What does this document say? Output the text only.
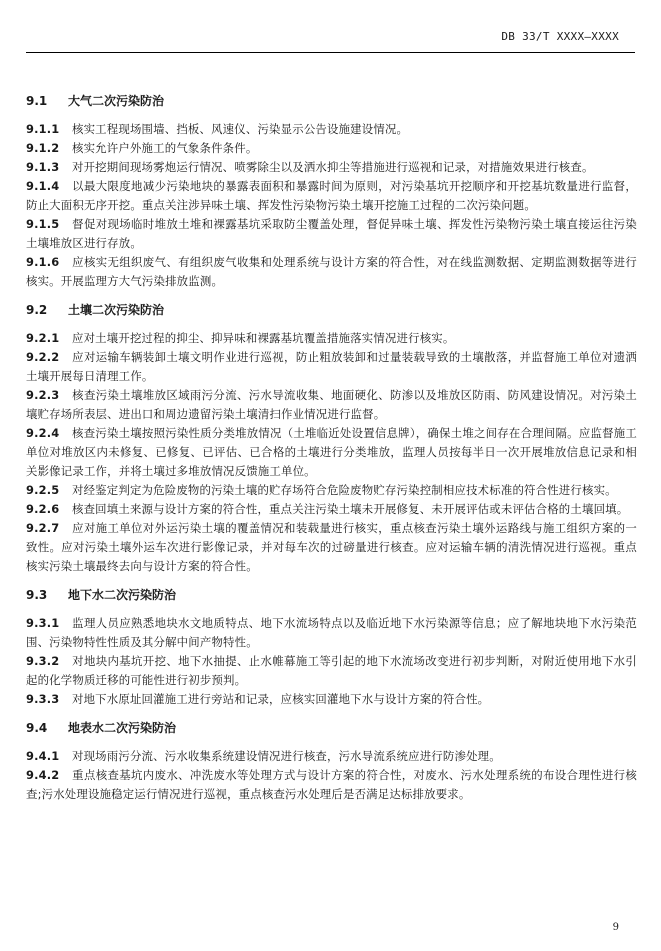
DB 33/T XXXX—XXXX
9.1 大气二次污染防治

9.1.1 核实工程现场围墙、挡板、风速仪、污染显示公告设施建设情况。

9.1.2 核实允许户外施工的气象条件条件。

9.1.3 对开挖期间现场雾炮运行情况、喷雾除尘以及洒水抑尘等措施进行巡视和记录，对措施效果进行核查。

9.1.4 以最大限度地减少污染地块的暴露表面积和暴露时间为原则，对污染基坑开挖顺序和开挖基坑数量进行监督，防止大面积无序开挖。重点关注涉异味土壤、挥发性污染物污染土壤开挖施工过程的二次污染问题。

9.1.5 督促对现场临时堆放土堆和裸露基坑采取防尘覆盖处理，督促异味土壤、挥发性污染物污染土壤直接运往污染土壤堆放区进行存放。

9.1.6 应核实无组织废气、有组织废气收集和处理系统与设计方案的符合性，对在线监测数据、定期监测数据等进行核实。开展监理方大气污染排放监测。

9.2 土壤二次污染防治

9.2.1 应对土壤开挖过程的抑尘、抑异味和裸露基坑覆盖措施落实情况进行核实。

9.2.2 应对运输车辆装卸土壤文明作业进行巡视，防止粗放装卸和过量装载导致的土壤散落，并监督施工单位对遗洒土壤开展每日清理工作。

9.2.3 核查污染土壤堆放区域雨污分流、污水导流收集、地面硬化、防渗以及堆放区防雨、防风建设情况。对污染土壤贮存场所表层、进出口和周边遗留污染土壤清扫作业情况进行监督。

9.2.4 核查污染土壤按照污染性质分类堆放情况（土堆临近处设置信息牌），确保土堆之间存在合理间隔。应监督施工单位对堆放区内未修复、已修复、已评估、已合格的土壤进行分类堆放，监理人员按每半日一次开展堆放信息记录和相关影像记录工作，并将土壤过多堆放情况反馈施工单位。

9.2.5 对经鉴定判定为危险废物的污染土壤的贮存场符合危险废物贮存污染控制相应技术标准的符合性进行核实。

9.2.6 核查回填土来源与设计方案的符合性，重点关注污染土壤未开展修复、未开展评估或未评估合格的土壤回填。

9.2.7 应对施工单位对外运污染土壤的覆盖情况和装载量进行核实，重点核查污染土壤外运路线与施工组织方案的一致性。应对污染土壤外运车次进行影像记录，并对每车次的过磅量进行核查。应对运输车辆的清洗情况进行巡视。重点核实污染土壤最终去向与设计方案的符合性。

9.3 地下水二次污染防治

9.3.1 监理人员应熟悉地块水文地质特点、地下水流场特点以及临近地下水污染源等信息；应了解地块地下水污染范围、污染物特性性质及其分解中间产物特性。

9.3.2 对地块内基坑开挖、地下水抽提、止水帷幕施工等引起的地下水流场改变进行初步判断，对附近使用地下水引起的化学物质迁移的可能性进行初步预判。

9.3.3 对地下水原址回灌施工进行旁站和记录，应核实回灌地下水与设计方案的符合性。

9.4 地表水二次污染防治

9.4.1 对现场雨污分流、污水收集系统建设情况进行核查，污水导流系统应进行防渗处理。

9.4.2 重点核查基坑内废水、冲洗废水等处理方式与设计方案的符合性，对废水、污水处理系统的布设合理性进行核查;污水处理设施稳定运行情况进行巡视，重点核查污水处理后是否满足达标排放要求。

9
